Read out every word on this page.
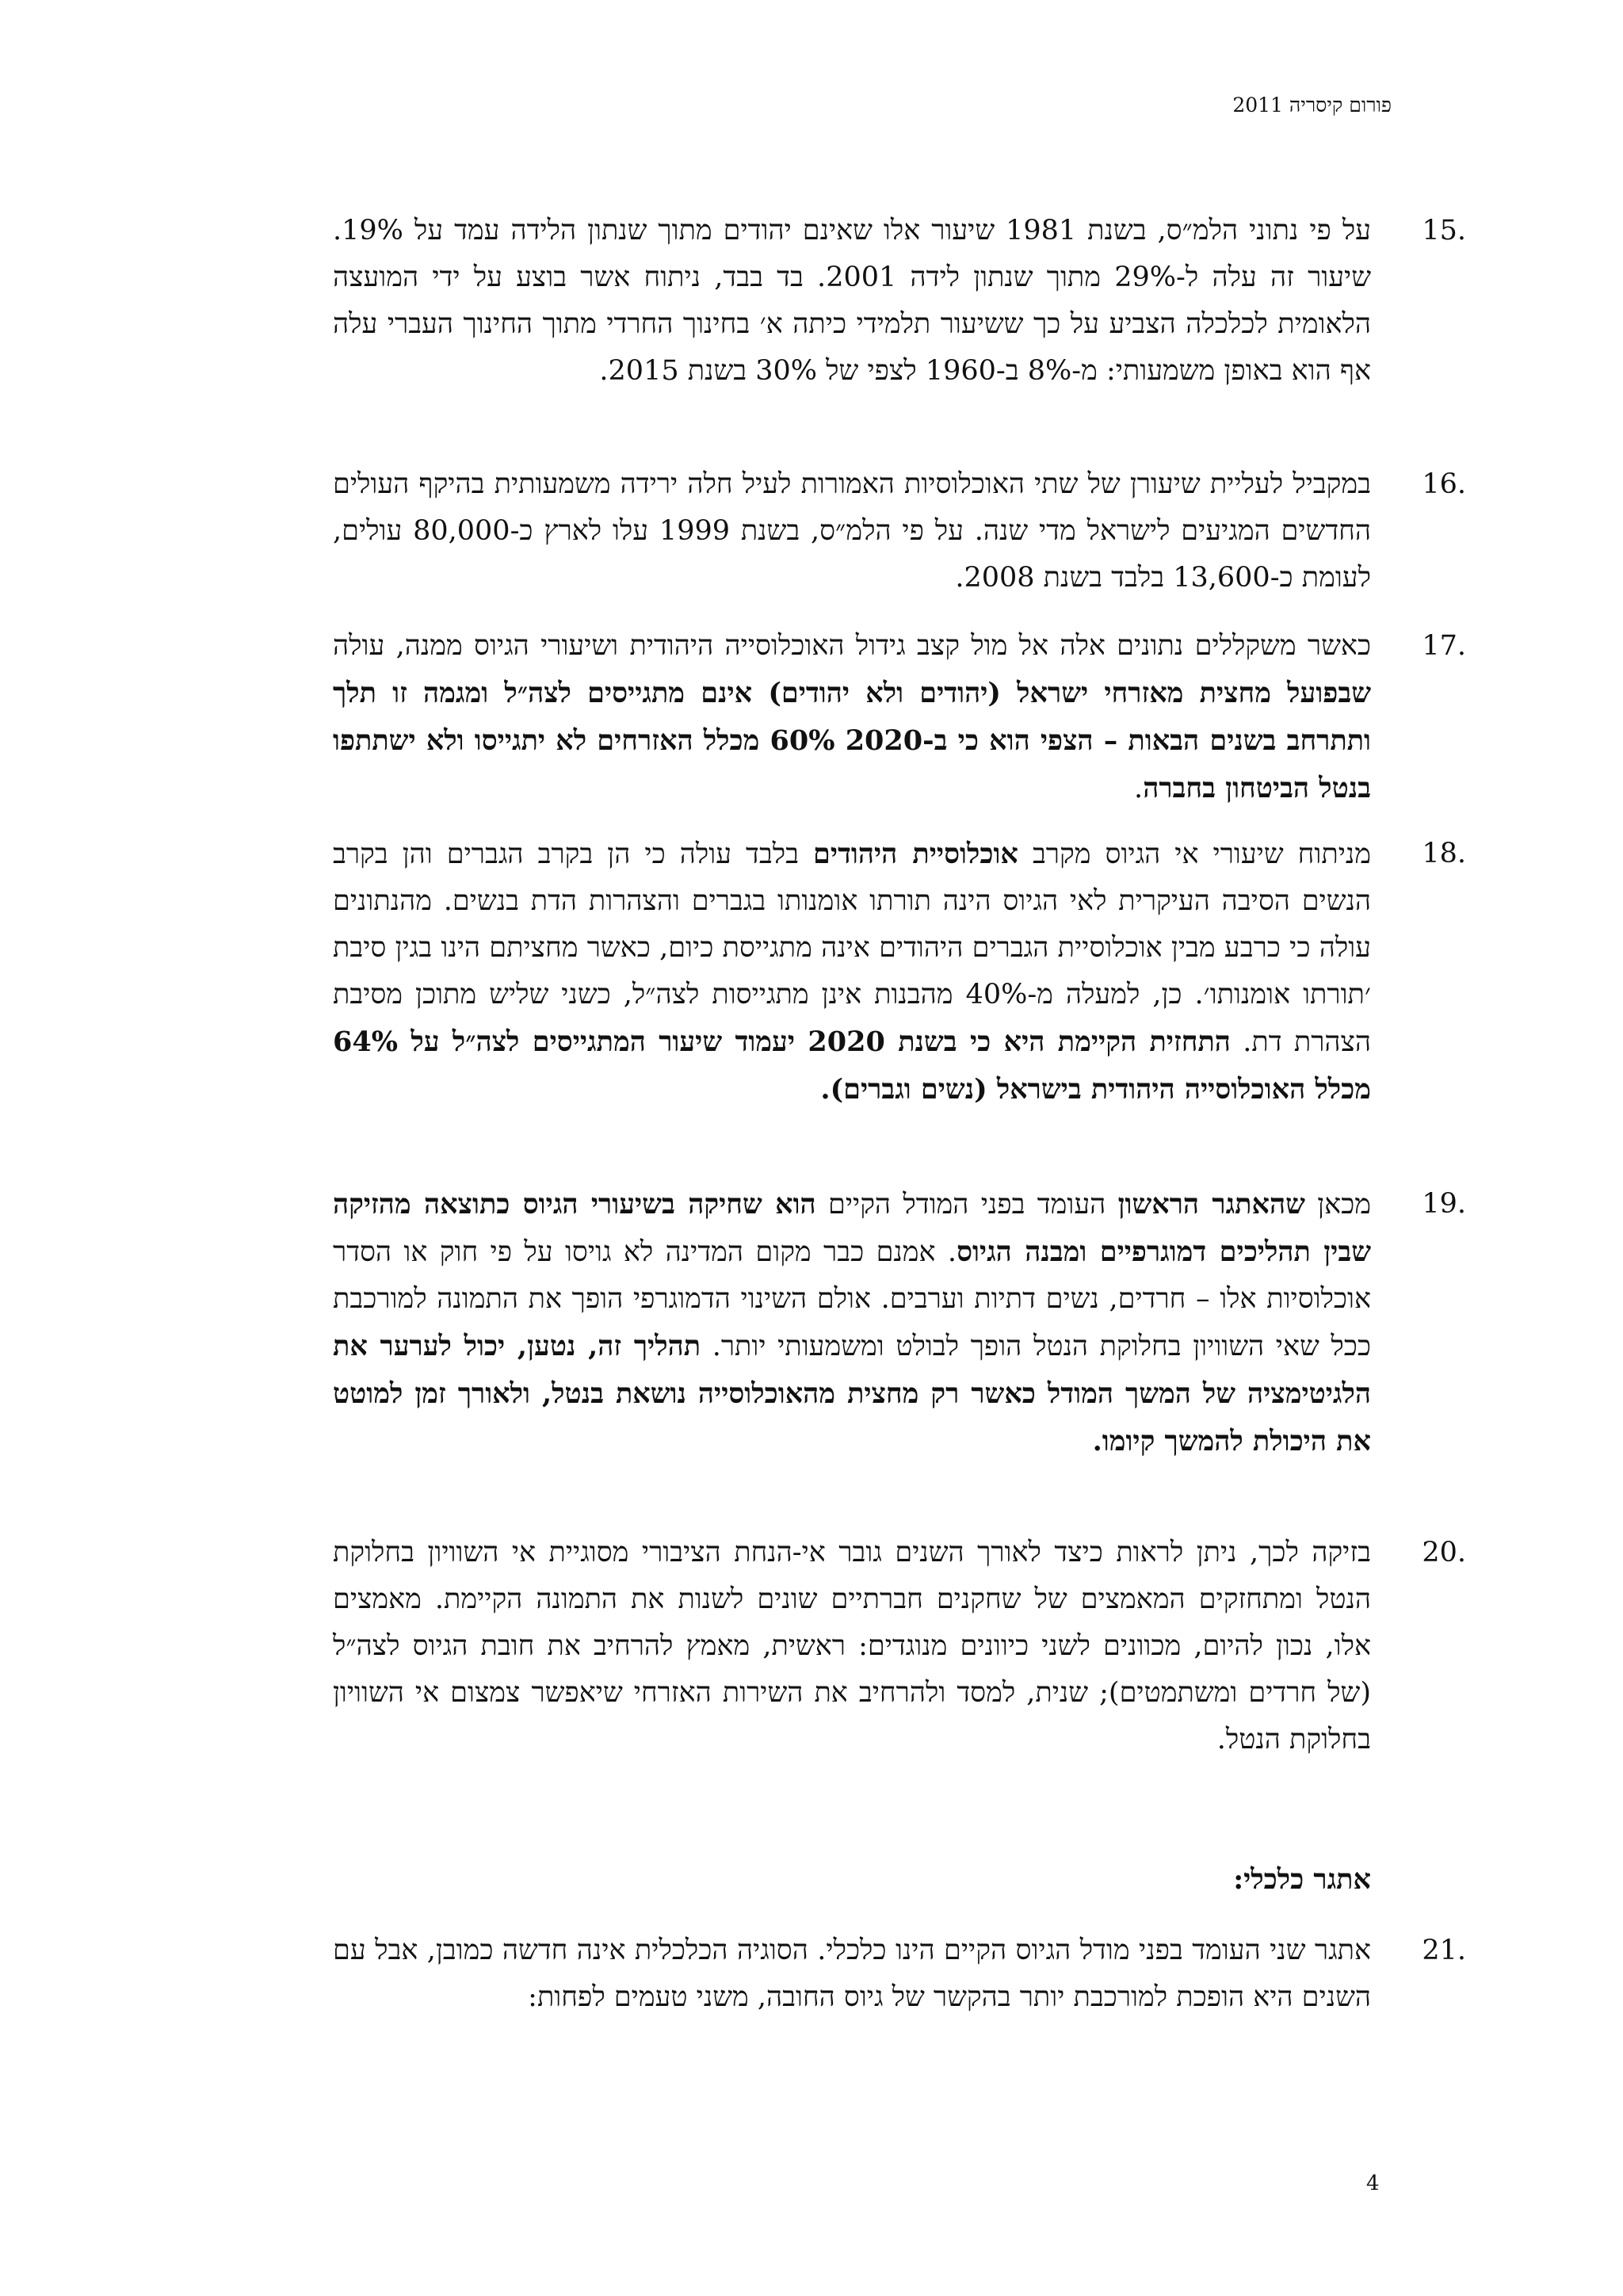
פורום קיסריה 2011
15.
על פי נתוני הלמ״ס, בשנת 1981 שיעור אלו שאינם יהודים מתוך שנתון הלידה עמד על 19%. שיעור זה עלה ל-29% מתוך שנתון לידה 2001. בד בבד, ניתוח אשר בוצע על ידי המועצה הלאומית לכלכלה הצביע על כך ששיעור תלמידי כיתה א׳ בחינוך החרדי מתוך החינוך העברי עלה אף הוא באופן משמעותי: מ-8% ב-1960 לצפי של 30% בשנת 2015.
16.
במקביל לעליית שיעורן של שתי האוכלוסיות האמורות לעיל חלה ירידה משמעותית בהיקף העולים החדשים המגיעים לישראל מדי שנה. על פי הלמ״ס, בשנת 1999 עלו לארץ כ-80,000 עולים, לעומת כ-13,600 בלבד בשנת 2008.
17.
כאשר משקללים נתונים אלה אל מול קצב גידול האוכלוסייה היהודית ושיעורי הגיוס ממנה, עולה שבפועל מחצית מאזרחי ישראל (יהודים ולא יהודים) אינם מתגייסים לצה״ל ומגמה זו תלך ותתרחב בשנים הבאות – הצפי הוא כי ב-2020 60% מכלל האזרחים לא יתגייסו ולא ישתתפו בנטל הביטחון בחברה.
18.
מניתוח שיעורי אי הגיוס מקרב אוכלוסיית היהודים בלבד עולה כי הן בקרב הגברים והן בקרב הנשים הסיבה העיקרית לאי הגיוס הינה תורתו אומנותו בגברים והצהרות הדת בנשים. מהנתונים עולה כי כרבע מבין אוכלוסיית הגברים היהודים אינה מתגייסת כיום, כאשר מחציתם הינו בגין סיבת ׳תורתו אומנותו׳. כן, למעלה מ-40% מהבנות אינן מתגייסות לצה״ל, כשני שליש מתוכן מסיבת הצהרת דת. התחזית הקיימת היא כי בשנת 2020 יעמוד שיעור המתגייסים לצה״ל על 64% מכלל האוכלוסייה היהודית בישראל (נשים וגברים).
19.
מכאן שהאתגר הראשון העומד בפני המודל הקיים הוא שחיקה בשיעורי הגיוס כתוצאה מהזיקה שבין תהליכים דמוגרפיים ומבנה הגיוס. אמנם כבר מקום המדינה לא גויסו על פי חוק או הסדר אוכלוסיות אלו – חרדים, נשים דתיות וערבים. אולם השינוי הדמוגרפי הופך את התמונה למורכבת ככל שאי השוויון בחלוקת הנטל הופך לבולט ומשמעותי יותר. תהליך זה, נטען, יכול לערער את הלגיטימציה של המשך המודל כאשר רק מחצית מהאוכלוסייה נושאת בנטל, ולאורך זמן למוטט את היכולת להמשך קיומו.
20.
בזיקה לכך, ניתן לראות כיצד לאורך השנים גובר אי-הנחת הציבורי מסוגיית אי השוויון בחלוקת הנטל ומתחזקים המאמצים של שחקנים חברתיים שונים לשנות את התמונה הקיימת. מאמצים אלו, נכון להיום, מכוונים לשני כיוונים מנוגדים: ראשית, מאמץ להרחיב את חובת הגיוס לצה״ל (של חרדים ומשתמטים); שנית, למסד ולהרחיב את השירות האזרחי שיאפשר צמצום אי השוויון בחלוקת הנטל.
אתגר כלכלי:
21.
אתגר שני העומד בפני מודל הגיוס הקיים הינו כלכלי. הסוגיה הכלכלית אינה חדשה כמובן, אבל עם השנים היא הופכת למורכבת יותר בהקשר של גיוס החובה, משני טעמים לפחות:
4
